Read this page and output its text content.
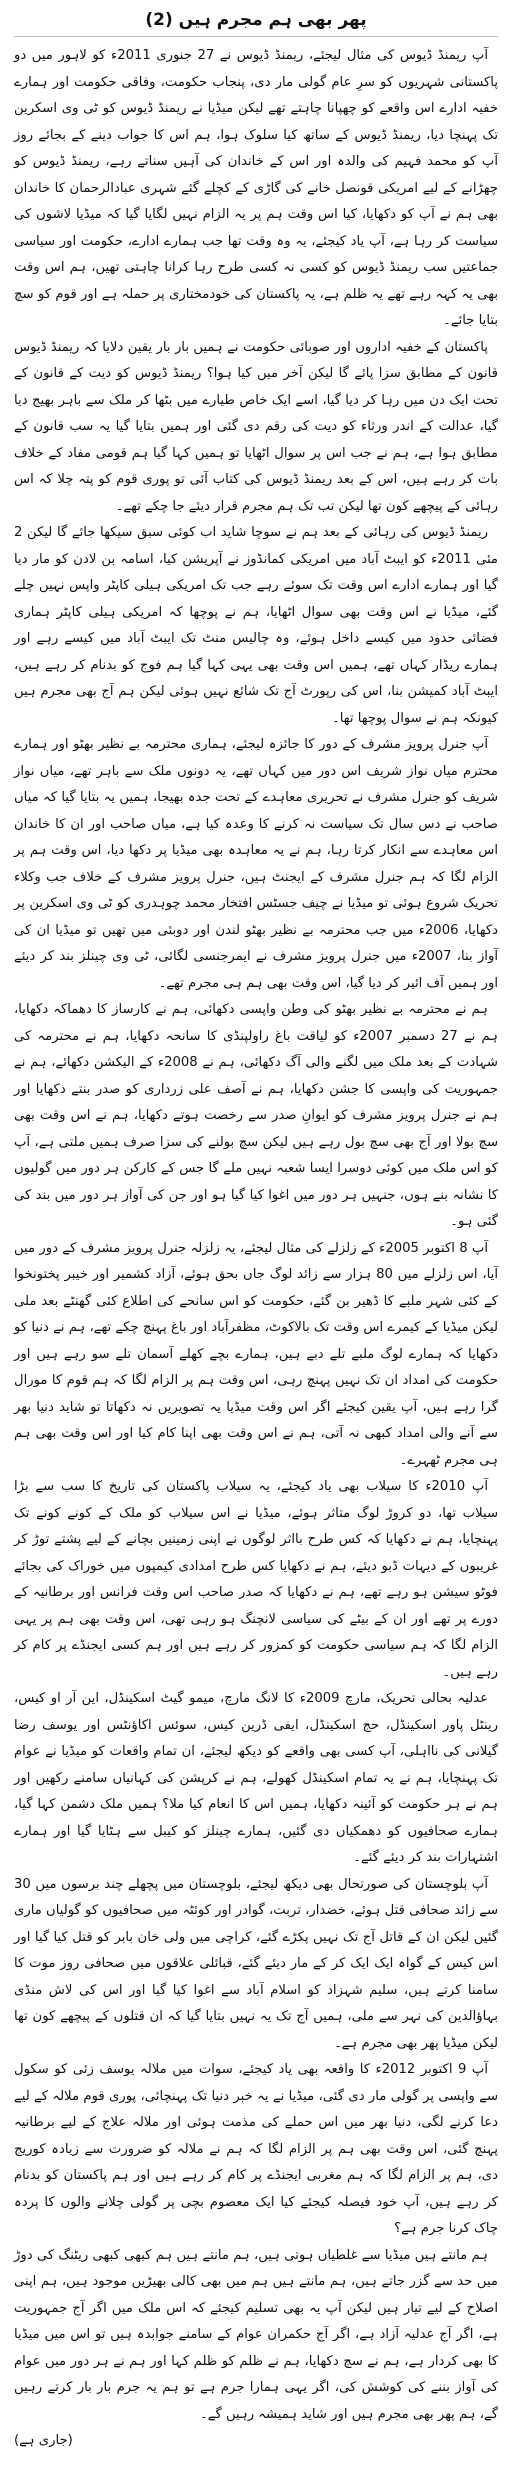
پھر بھی ہم مجرم ہیں (2)

آپ ریمنڈ ڈیوس کی مثال لیجئے، ریمنڈ ڈیوس نے 27 جنوری 2011ء کو لاہور میں دو پاکستانی شہریوں کو سرِ عام گولی مار دی، پنجاب حکومت، وفاقی حکومت اور ہمارے خفیہ ادارے اس واقعے کو چھپانا چاہتے تھے لیکن میڈیا نے ریمنڈ ڈیوس کو ٹی وی اسکرین تک پہنچا دیا، ریمنڈ ڈیوس کے ساتھ کیا سلوک ہوا، ہم اس کا جواب دینے کے بجائے روز آپ کو محمد فہیم کی والدہ اور اس کے خاندان کی آہیں سناتے رہے، ریمنڈ ڈیوس کو چھڑانے کے لیے امریکی قونصل خانے کی گاڑی کے کچلے گئے شہری عبادالرحمان کا خاندان بھی ہم نے آپ کو دکھایا، کیا اس وقت ہم پر یہ الزام نہیں لگایا گیا کہ میڈیا لاشوں کی سیاست کر رہا ہے، آپ یاد کیجئے، یہ وہ وقت تھا جب ہمارے ادارے، حکومت اور سیاسی جماعتیں سب ریمنڈ ڈیوس کو کسی نہ کسی طرح رہا کرانا چاہتی تھیں، ہم اس وقت بھی یہ کہہ رہے تھے یہ ظلم ہے، یہ پاکستان کی خودمختاری پر حملہ ہے اور قوم کو سچ بتایا جائے۔

پاکستان کے خفیہ اداروں اور صوبائی حکومت نے ہمیں بار بار یقین دلایا کہ ریمنڈ ڈیوس قانون کے مطابق سزا پائے گا لیکن آخر میں کیا ہوا؟ ریمنڈ ڈیوس کو دیت کے قانون کے تحت ایک دن میں رہا کر دیا گیا، اسے ایک خاص طیارے میں بٹھا کر ملک سے باہر بھیج دیا گیا، عدالت کے اندر ورثاء کو دیت کی رقم دی گئی اور ہمیں بتایا گیا یہ سب قانون کے مطابق ہوا ہے، ہم نے جب اس پر سوال اٹھایا تو ہمیں کہا گیا ہم قومی مفاد کے خلاف بات کر رہے ہیں، اس کے بعد ریمنڈ ڈیوس کی کتاب آئی تو پوری قوم کو پتہ چلا کہ اس رہائی کے پیچھے کون تھا لیکن تب تک ہم مجرم قرار دیئے جا چکے تھے۔

ریمنڈ ڈیوس کی رہائی کے بعد ہم نے سوچا شاید اب کوئی سبق سیکھا جائے گا لیکن 2 مئی 2011ء کو ایبٹ آباد میں امریکی کمانڈوز نے آپریشن کیا، اسامہ بن لادن کو مار دیا گیا اور ہمارے ادارے اس وقت تک سوئے رہے جب تک امریکی ہیلی کاپٹر واپس نہیں چلے گئے، میڈیا نے اس وقت بھی سوال اٹھایا، ہم نے پوچھا کہ امریکی ہیلی کاپٹر ہماری فضائی حدود میں کیسے داخل ہوئے، وہ چالیس منٹ تک ایبٹ آباد میں کیسے رہے اور ہمارے ریڈار کہاں تھے، ہمیں اس وقت بھی یہی کہا گیا ہم فوج کو بدنام کر رہے ہیں، ایبٹ آباد کمیشن بنا، اس کی رپورٹ آج تک شائع نہیں ہوئی لیکن ہم آج بھی مجرم ہیں کیونکہ ہم نے سوال پوچھا تھا۔

آپ جنرل پرویز مشرف کے دور کا جائزہ لیجئے، ہماری محترمہ بے نظیر بھٹو اور ہمارے محترم میاں نواز شریف اس دور میں کہاں تھے، یہ دونوں ملک سے باہر تھے، میاں نواز شریف کو جنرل مشرف نے تحریری معاہدے کے تحت جدہ بھیجا، ہمیں یہ بتایا گیا کہ میاں صاحب نے دس سال تک سیاست نہ کرنے کا وعدہ کیا ہے، میاں صاحب اور ان کا خاندان اس معاہدے سے انکار کرتا رہا، ہم نے یہ معاہدہ بھی میڈیا پر دکھا دیا، اس وقت ہم پر الزام لگا کہ ہم جنرل مشرف کے ایجنٹ ہیں، جنرل پرویز مشرف کے خلاف جب وکلاء تحریک شروع ہوئی تو میڈیا نے چیف جسٹس افتخار محمد چوہدری کو ٹی وی اسکرین پر دکھایا، 2006ء میں جب محترمہ بے نظیر بھٹو لندن اور دوبئی میں تھیں تو میڈیا ان کی آواز بنا، 2007ء میں جنرل پرویز مشرف نے ایمرجنسی لگائی، ٹی وی چینلز بند کر دیئے اور ہمیں آف ائیر کر دیا گیا، اس وقت بھی ہم ہی مجرم تھے۔

ہم نے محترمہ بے نظیر بھٹو کی وطن واپسی دکھائی، ہم نے کارساز کا دھماکہ دکھایا، ہم نے 27 دسمبر 2007ء کو لیاقت باغ راولپنڈی کا سانحہ دکھایا، ہم نے محترمہ کی شہادت کے بعد ملک میں لگنے والی آگ دکھائی، ہم نے 2008ء کے الیکشن دکھائے، ہم نے جمہوریت کی واپسی کا جشن دکھایا، ہم نے آصف علی زرداری کو صدر بنتے دکھایا اور ہم نے جنرل پرویز مشرف کو ایوانِ صدر سے رخصت ہوتے دکھایا، ہم نے اس وقت بھی سچ بولا اور آج بھی سچ بول رہے ہیں لیکن سچ بولنے کی سزا صرف ہمیں ملتی ہے، آپ کو اس ملک میں کوئی دوسرا ایسا شعبہ نہیں ملے گا جس کے کارکن ہر دور میں گولیوں کا نشانہ بنے ہوں، جنہیں ہر دور میں اغوا کیا گیا ہو اور جن کی آواز ہر دور میں بند کی گئی ہو۔

آپ 8 اکتوبر 2005ء کے زلزلے کی مثال لیجئے، یہ زلزلہ جنرل پرویز مشرف کے دور میں آیا، اس زلزلے میں 80 ہزار سے زائد لوگ جاں بحق ہوئے، آزاد کشمیر اور خیبر پختونخوا کے کئی شہر ملبے کا ڈھیر بن گئے، حکومت کو اس سانحے کی اطلاع کئی گھنٹے بعد ملی لیکن میڈیا کے کیمرے اس وقت تک بالاکوٹ، مظفرآباد اور باغ پہنچ چکے تھے، ہم نے دنیا کو دکھایا کہ ہمارے لوگ ملبے تلے دبے ہیں، ہمارے بچے کھلے آسمان تلے سو رہے ہیں اور حکومت کی امداد ان تک نہیں پہنچ رہی، اس وقت ہم پر الزام لگا کہ ہم قوم کا مورال گرا رہے ہیں، آپ یقین کیجئے اگر اس وقت میڈیا یہ تصویریں نہ دکھاتا تو شاید دنیا بھر سے آنے والی امداد کبھی نہ آتی، ہم نے اس وقت بھی اپنا کام کیا اور اس وقت بھی ہم ہی مجرم ٹھہرے۔

آپ 2010ء کا سیلاب بھی یاد کیجئے، یہ سیلاب پاکستان کی تاریخ کا سب سے بڑا سیلاب تھا، دو کروڑ لوگ متاثر ہوئے، میڈیا نے اس سیلاب کو ملک کے کونے کونے تک پہنچایا، ہم نے دکھایا کہ کس طرح بااثر لوگوں نے اپنی زمینیں بچانے کے لیے پشتے توڑ کر غریبوں کے دیہات ڈبو دیئے، ہم نے دکھایا کس طرح امدادی کیمپوں میں خوراک کی بجائے فوٹو سیشن ہو رہے تھے، ہم نے دکھایا کہ صدر صاحب اس وقت فرانس اور برطانیہ کے دورے پر تھے اور ان کے بیٹے کی سیاسی لانچنگ ہو رہی تھی، اس وقت بھی ہم پر یہی الزام لگا کہ ہم سیاسی حکومت کو کمزور کر رہے ہیں اور ہم کسی ایجنڈے پر کام کر رہے ہیں۔

عدلیہ بحالی تحریک، مارچ 2009ء کا لانگ مارچ، میمو گیٹ اسکینڈل، این آر او کیس، رینٹل پاور اسکینڈل، حج اسکینڈل، ایفی ڈرین کیس، سوئس اکاؤنٹس اور یوسف رضا گیلانی کی نااہلی، آپ کسی بھی واقعے کو دیکھ لیجئے، ان تمام واقعات کو میڈیا نے عوام تک پہنچایا، ہم نے یہ تمام اسکینڈل کھولے، ہم نے کرپشن کی کہانیاں سامنے رکھیں اور ہم نے ہر حکومت کو آئینہ دکھایا، ہمیں اس کا انعام کیا ملا؟ ہمیں ملک دشمن کہا گیا، ہمارے صحافیوں کو دھمکیاں دی گئیں، ہمارے چینلز کو کیبل سے ہٹایا گیا اور ہمارے اشتہارات بند کر دیئے گئے۔

آپ بلوچستان کی صورتحال بھی دیکھ لیجئے، بلوچستان میں پچھلے چند برسوں میں 30 سے زائد صحافی قتل ہوئے، خضدار، تربت، گوادر اور کوئٹہ میں صحافیوں کو گولیاں ماری گئیں لیکن ان کے قاتل آج تک نہیں پکڑے گئے، کراچی میں ولی خان بابر کو قتل کیا گیا اور اس کیس کے گواہ ایک ایک کر کے مار دیئے گئے، قبائلی علاقوں میں صحافی روز موت کا سامنا کرتے ہیں، سلیم شہزاد کو اسلام آباد سے اغوا کیا گیا اور اس کی لاش منڈی بہاؤالدین کی نہر سے ملی، ہمیں آج تک یہ نہیں بتایا گیا کہ ان قتلوں کے پیچھے کون تھا لیکن میڈیا پھر بھی مجرم ہے۔

آپ 9 اکتوبر 2012ء کا واقعہ بھی یاد کیجئے، سوات میں ملالہ یوسف زئی کو سکول سے واپسی پر گولی مار دی گئی، میڈیا نے یہ خبر دنیا تک پہنچائی، پوری قوم ملالہ کے لیے دعا کرنے لگی، دنیا بھر میں اس حملے کی مذمت ہوئی اور ملالہ علاج کے لیے برطانیہ پہنچ گئی، اس وقت بھی ہم پر الزام لگا کہ ہم نے ملالہ کو ضرورت سے زیادہ کوریج دی، ہم پر الزام لگا کہ ہم مغربی ایجنڈے پر کام کر رہے ہیں اور ہم پاکستان کو بدنام کر رہے ہیں، آپ خود فیصلہ کیجئے کیا ایک معصوم بچی پر گولی چلانے والوں کا پردہ چاک کرنا جرم ہے؟

ہم مانتے ہیں میڈیا سے غلطیاں ہوتی ہیں، ہم مانتے ہیں ہم کبھی کبھی ریٹنگ کی دوڑ میں حد سے گزر جاتے ہیں، ہم مانتے ہیں ہم میں بھی کالی بھیڑیں موجود ہیں، ہم اپنی اصلاح کے لیے تیار ہیں لیکن آپ یہ بھی تسلیم کیجئے کہ اس ملک میں اگر آج جمہوریت ہے، اگر آج عدلیہ آزاد ہے، اگر آج حکمران عوام کے سامنے جوابدہ ہیں تو اس میں میڈیا کا بھی کردار ہے، ہم نے سچ دکھایا، ہم نے ظلم کو ظلم کہا اور ہم نے ہر دور میں عوام کی آواز بننے کی کوشش کی، اگر یہی ہمارا جرم ہے تو ہم یہ جرم بار بار کرتے رہیں گے، ہم پھر بھی مجرم ہیں اور شاید ہمیشہ رہیں گے۔

(جاری ہے)
